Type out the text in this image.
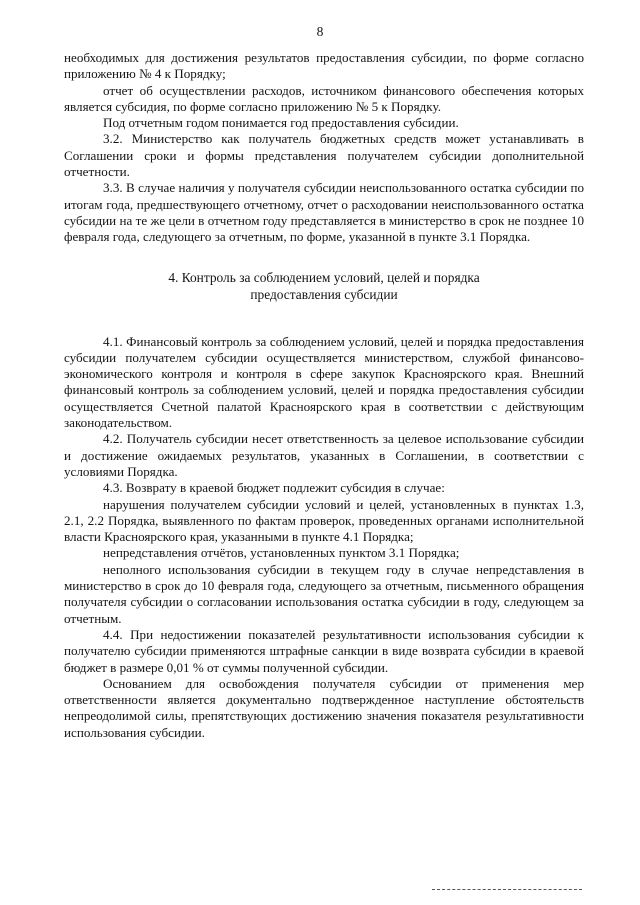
8

необходимых для достижения результатов предоставления субсидии, по форме согласно приложению № 4 к Порядку;

отчет об осуществлении расходов, источником финансового обеспечения которых является субсидия, по форме согласно приложению № 5 к Порядку.

Под отчетным годом понимается год предоставления субсидии.

3.2. Министерство как получатель бюджетных средств может устанавливать в Соглашении сроки и формы представления получателем субсидии дополнительной отчетности.

3.3. В случае наличия у получателя субсидии неиспользованного остатка субсидии по итогам года, предшествующего отчетному, отчет о расходовании неиспользованного остатка субсидии на те же цели в отчетном году представляется в министерство в срок не позднее 10 февраля года, следующего за отчетным, по форме, указанной в пункте 3.1 Порядка.

4. Контроль за соблюдением условий, целей и порядка
предоставления субсидии

4.1. Финансовый контроль за соблюдением условий, целей и порядка предоставления субсидии получателем субсидии осуществляется министерством, службой финансово-экономического контроля и контроля в сфере закупок Красноярского края. Внешний финансовый контроль за соблюдением условий, целей и порядка предоставления субсидии осуществляется Счетной палатой Красноярского края в соответствии с действующим законодательством.

4.2. Получатель субсидии несет ответственность за целевое использование субсидии и достижение ожидаемых результатов, указанных в Соглашении, в соответствии с условиями Порядка.

4.3. Возврату в краевой бюджет подлежит субсидия в случае:

нарушения получателем субсидии условий и целей, установленных в пунктах 1.3, 2.1, 2.2 Порядка, выявленного по фактам проверок, проведенных органами исполнительной власти Красноярского края, указанными в пункте 4.1 Порядка;

непредставления отчётов, установленных пунктом 3.1 Порядка;

неполного использования субсидии в текущем году в случае непредставления в министерство в срок до 10 февраля года, следующего за отчетным, письменного обращения получателя субсидии о согласовании использования остатка субсидии в году, следующем за отчетным.

4.4. При недостижении показателей результативности использования субсидии к получателю субсидии применяются штрафные санкции в виде возврата субсидии в краевой бюджет в размере 0,01 % от суммы полученной субсидии.

Основанием для освобождения получателя субсидии от применения мер ответственности является документально подтвержденное наступление обстоятельств непреодолимой силы, препятствующих достижению значения показателя результативности использования субсидии.
